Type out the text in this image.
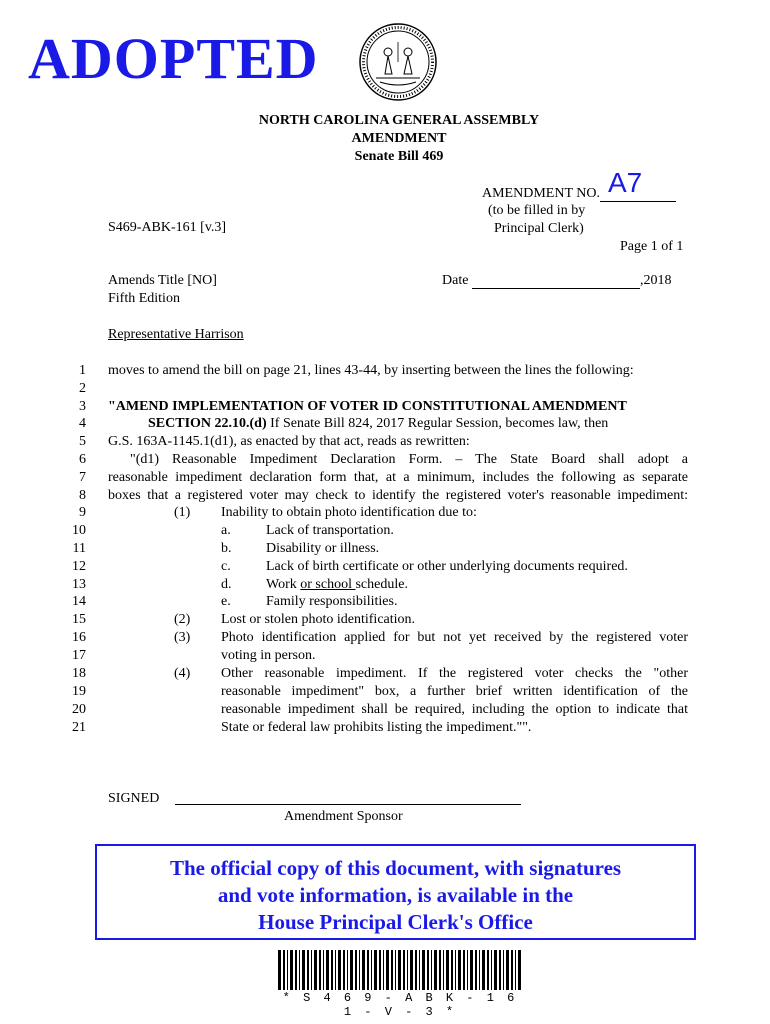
ADOPTED
NORTH CAROLINA GENERAL ASSEMBLY
AMENDMENT
Senate Bill 469
AMENDMENT NO. A7
(to be filled in by
Principal Clerk)
S469-ABK-161 [v.3]
Page 1 of 1
Amends Title [NO]
Fifth Edition
Date	,2018
Representative Harrison
1 moves to amend the bill on page 21, lines 43-44, by inserting between the lines the following:
2
3 "AMEND IMPLEMENTATION OF VOTER ID CONSTITUTIONAL AMENDMENT
4	SECTION 22.10.(d) If Senate Bill 824, 2017 Regular Session, becomes law, then
5 G.S. 163A-1145.1(d1), as enacted by that act, reads as rewritten:
6	"(d1) Reasonable Impediment Declaration Form. – The State Board shall adopt a
7 reasonable impediment declaration form that, at a minimum, includes the following as separate
8 boxes that a registered voter may check to identify the registered voter's reasonable impediment:
9	(1) Inability to obtain photo identification due to:
10	a.	Lack of transportation.
11	b. Disability or illness.
12	c.	Lack of birth certificate or other underlying documents required.
13	d. Work or school schedule.
14	e.	Family responsibilities.
15	(2) Lost or stolen photo identification.
16	(3) Photo identification applied for but not yet received by the registered voter
17	voting in person.
18	(4) Other reasonable impediment. If the registered voter checks the "other
19	reasonable impediment" box, a further brief written identification of the
20	reasonable impediment shall be required, including the option to indicate that
21	State or federal law prohibits listing the impediment."".
SIGNED
Amendment Sponsor
The official copy of this document, with signatures
and vote information, is available in the
House Principal Clerk's Office
* S 4 6 9 - A B K - 1 6 1 - V - 3 *
